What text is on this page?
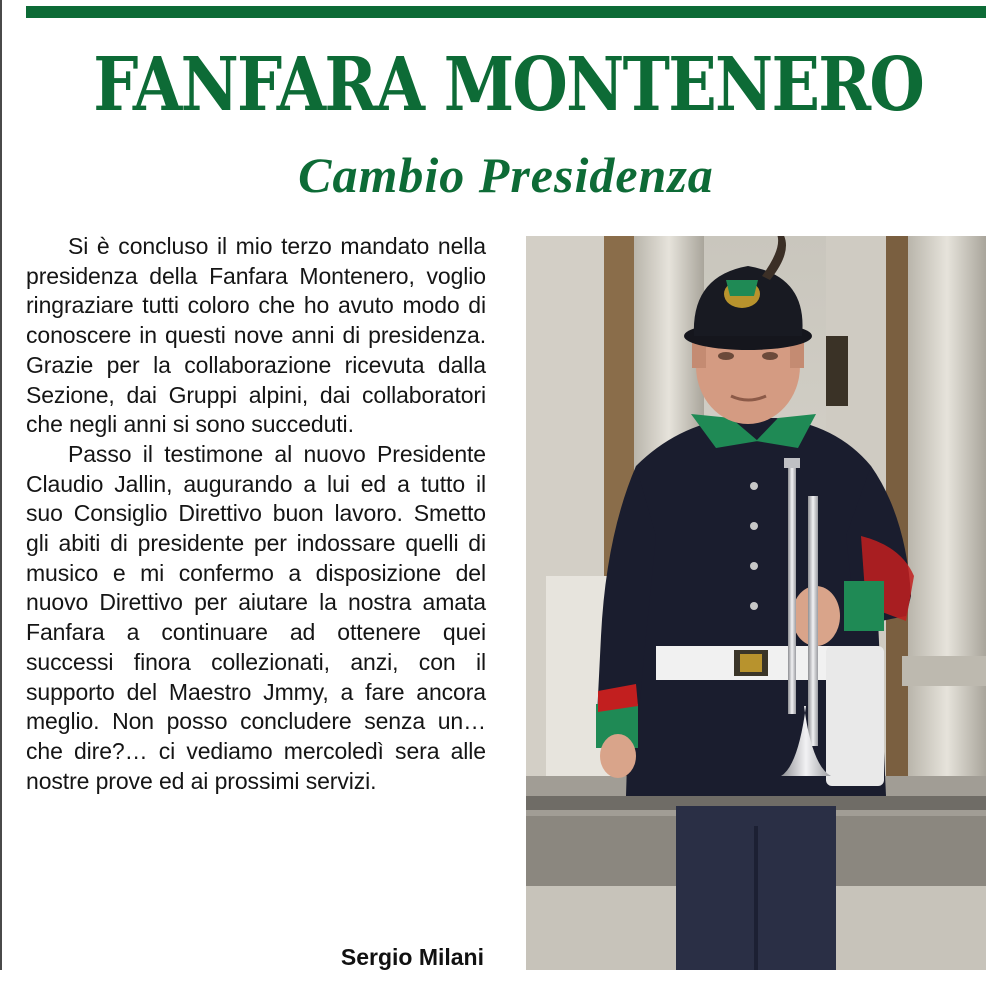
FANFARA MONTENERO
Cambio Presidenza

Si è concluso il mio terzo mandato nella presidenza della Fanfara Montenero, voglio ringraziare tutti coloro che ho avuto modo di conoscere in questi nove anni di presidenza. Grazie per la collaborazione ricevuta dalla Sezione, dai Gruppi alpini, dai collaboratori che negli anni si sono succeduti.

Passo il testimone al nuovo Presidente Claudio Jallin, augurando a lui ed a tutto il suo Consiglio Direttivo buon lavoro. Smetto gli abiti di presidente per indossare quelli di musico e mi confermo a disposizione del nuovo Direttivo per aiutare la nostra amata Fanfara a continuare ad ottenere quei successi finora collezionati, anzi, con il supporto del Maestro Jmmy, a fare ancora meglio. Non posso concludere senza un… che dire?… ci vediamo mercoledì sera alle nostre prove ed ai prossimi servizi.

Sergio Milani
